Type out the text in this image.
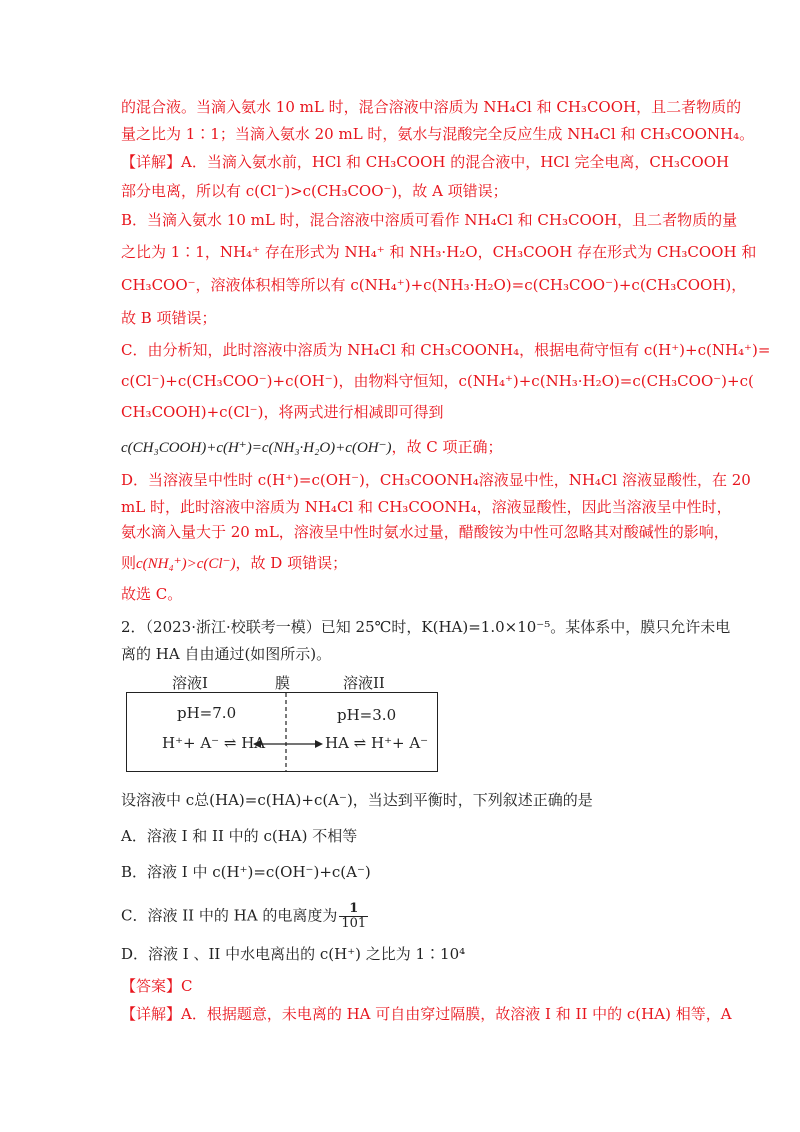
的混合液。当滴入氨水 10 mL 时，混合溶液中溶质为 NH₄Cl 和 CH₃COOH，且二者物质的
量之比为 1∶1；当滴入氨水 20 mL 时，氨水与混酸完全反应生成 NH₄Cl 和 CH₃COONH₄。
【详解】A．当滴入氨水前，HCl 和 CH₃COOH 的混合液中，HCl 完全电离，CH₃COOH
部分电离，所以有 c(Cl⁻)>c(CH₃COO⁻)，故 A 项错误；
B．当滴入氨水 10 mL 时，混合溶液中溶质可看作 NH₄Cl 和 CH₃COOH，且二者物质的量
之比为 1∶1，NH₄⁺ 存在形式为 NH₄⁺ 和 NH₃·H₂O，CH₃COOH 存在形式为 CH₃COOH 和
CH₃COO⁻，溶液体积相等所以有 c(NH₄⁺)+c(NH₃·H₂O)=c(CH₃COO⁻)+c(CH₃COOH)，
故 B 项错误；
C．由分析知，此时溶液中溶质为 NH₄Cl 和 CH₃COONH₄，根据电荷守恒有 c(H⁺)+c(NH₄⁺)=
c(Cl⁻)+c(CH₃COO⁻)+c(OH⁻)，由物料守恒知，c(NH₄⁺)+c(NH₃·H₂O)=c(CH₃COO⁻)+c(
CH₃COOH)+c(Cl⁻)，将两式进行相减即可得到
c(CH₃COOH)+c(H⁺)=c(NH₃·H₂O)+c(OH⁻)，故 C 项正确；
D．当溶液呈中性时 c(H⁺)=c(OH⁻)，CH₃COONH₄溶液显中性，NH₄Cl 溶液显酸性，在 20
mL 时，此时溶液中溶质为 NH₄Cl 和 CH₃COONH₄，溶液显酸性，因此当溶液呈中性时，
氨水滴入量大于 20 mL，溶液呈中性时氨水过量，醋酸铵为中性可忽略其对酸碱性的影响，
则c(NH₄⁺)>c(Cl⁻)，故 D 项错误；
故选 C。
2．（2023·浙江·校联考一模）已知 25℃时，K(HA)=1.0×10⁻⁵。某体系中，膜只允许未电
离的 HA 自由通过(如图所示)。
溶液I	膜	溶液II
pH=7.0	pH=3.0
H⁺+ A⁻ ⇌ HA	HA ⇌ H⁺+ A⁻
设溶液中 c总(HA)=c(HA)+c(A⁻)，当达到平衡时，下列叙述正确的是
A．溶液 I 和 II 中的 c(HA) 不相等
B．溶液 I 中 c(H⁺)=c(OH⁻)+c(A⁻)
C．溶液 II 中的 HA 的电离度为 $\frac{1}{101}$
D．溶液 I 、II 中水电离出的 c(H⁺) 之比为 1∶10⁴
【答案】C
【详解】A．根据题意，未电离的 HA 可自由穿过隔膜，故溶液 I 和 II 中的 c(HA) 相等，A
